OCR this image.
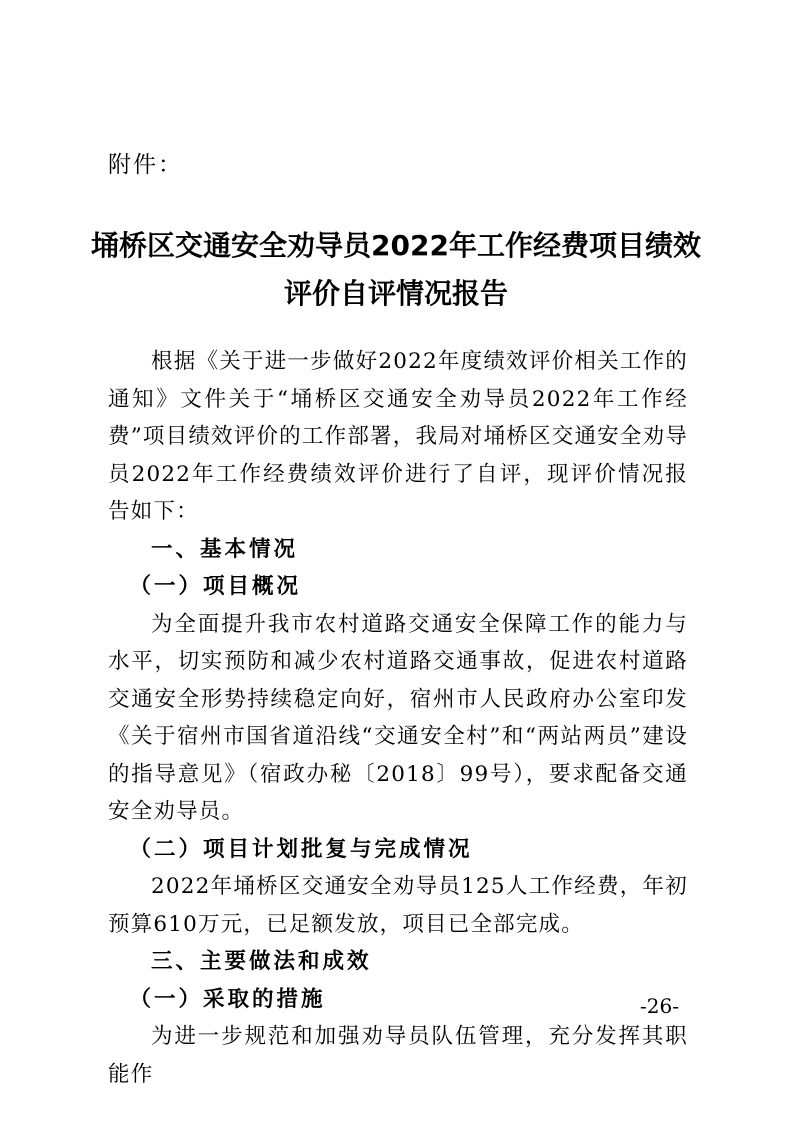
附件：
埇桥区交通安全劝导员2022年工作经费项目绩效
评价自评情况报告

根据《关于进一步做好2022年度绩效评价相关工作的通知》文件关于“埇桥区交通安全劝导员2022年工作经费”项目绩效评价的工作部署，我局对埇桥区交通安全劝导员2022年工作经费绩效评价进行了自评，现评价情况报告如下：

一、基本情况

（一）项目概况

为全面提升我市农村道路交通安全保障工作的能力与水平，切实预防和减少农村道路交通事故，促进农村道路交通安全形势持续稳定向好，宿州市人民政府办公室印发《关于宿州市国省道沿线“交通安全村”和“两站两员”建设的指导意见》（宿政办秘〔2018〕99号），要求配备交通安全劝导员。

（二）项目计划批复与完成情况

2022年埇桥区交通安全劝导员125人工作经费，年初预算610万元，已足额发放，项目已全部完成。

三、主要做法和成效

（一）采取的措施

为进一步规范和加强劝导员队伍管理，充分发挥其职能作

-26-
